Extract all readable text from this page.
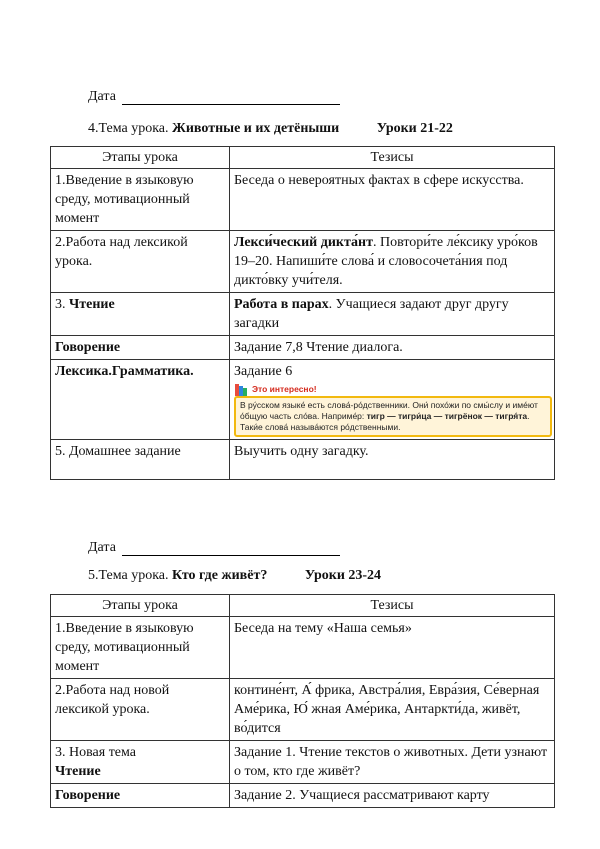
Дата
4.Тема урока. Животные и их детёныши	Уроки 21-22
Этапы урока	Тезисы
1.Введение в языковую среду, мотивационный момент	Беседа о невероятных фактах в сфере искусства.
2.Работа над лексикой урока.	Лекси́ческий дикта́нт. Повтори́те ле́ксику уро́ков 19–20. Напиши́те слова́ и словосочета́ния под дикто́вку учи́теля.
3. Чтение	Работа в парах. Учащиеся задают друг другу загадки
Говорение	Задание 7,8 Чтение диалога.
Лексика.Грамматика.	Задание 6
Это интересно!
В ру́сском языке́ есть слова́-ро́дственники. Они́ похо́жи по смы́слу и име́ют о́бщую часть сло́ва. Наприме́р: тигр — тигри́ца — тигрёнок — тигря́та. Таки́е слова́ называ́ются ро́дственными.

5. Домашнее задание	Выучить одну загадку.
Дата
5.Тема урока. Кто где живёт?	Уроки 23-24
Этапы урока	Тезисы
1.Введение в языковую среду, мотивационный момент	Беседа на тему «Наша семья»
2.Работа над новой лексикой урока.	контине́нт, А́ фрика, Австра́лия, Евра́зия, Се́верная Аме́рика, Ю́ жная Аме́рика, Антаркти́да, живёт, во́дится

3. Новая тема
Чтение	Задание 1. Чтение текстов о животных. Дети узнают о том, кто где живёт?
Говорение	Задание 2. Учащиеся рассматривают карту
